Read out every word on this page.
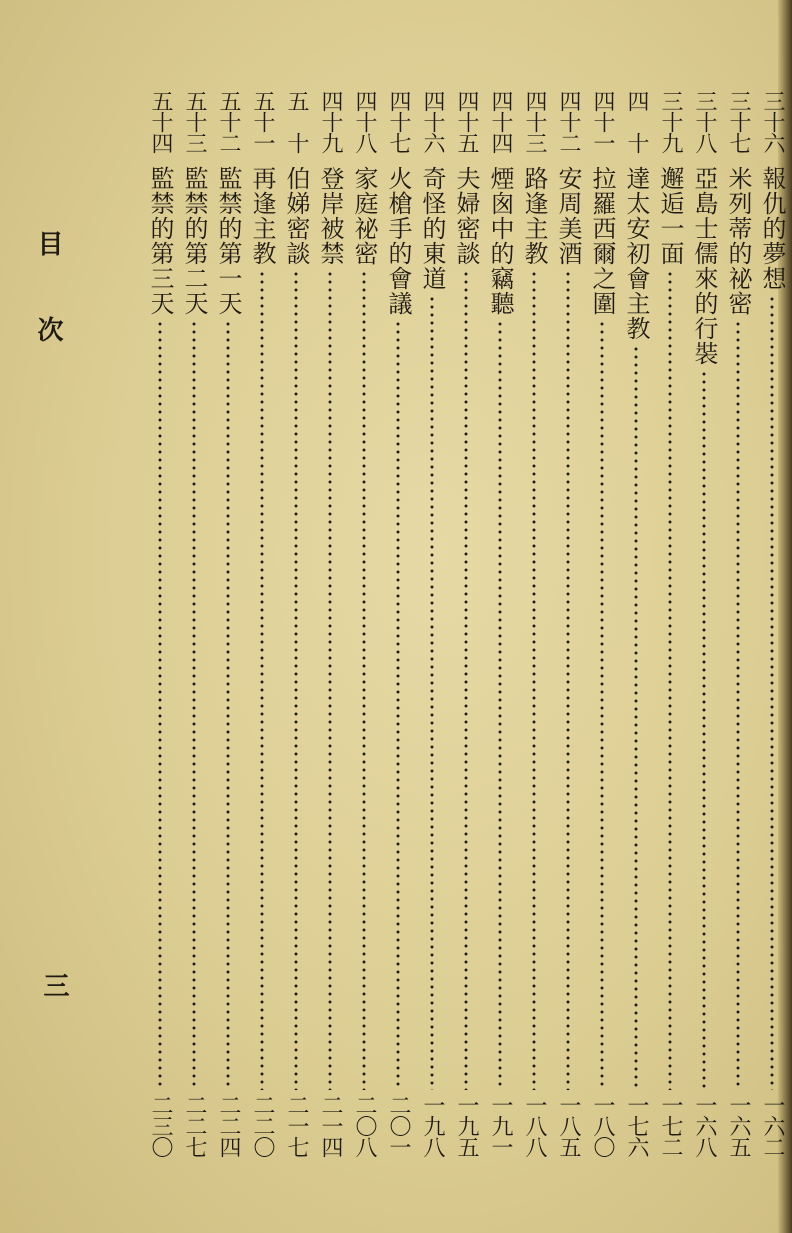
目
次
三
三十六
報仇的夢想
一六二
三十七
米列蒂的祕密
一六五
三十八
亞島士儒來的行裝
一六八
三十九
邂逅一面
一七二
四　十
達太安初會主教
一七六
四十一
拉羅西爾之圍
一八〇
四十二
安周美酒
一八五
四十三
路逢主教
一八八
四十四
煙囪中的竊聽
一九一
四十五
夫婦密談
一九五
四十六
奇怪的東道
一九八
四十七
火槍手的會議
二〇一
四十八
家庭祕密
二〇八
四十九
登岸被禁
二一四
五　十
伯娣密談
二一七
五十一
再逢主教
二二〇
五十二
監禁的第一天
二二四
五十三
監禁的第二天
二二七
五十四
監禁的第三天
二三〇
